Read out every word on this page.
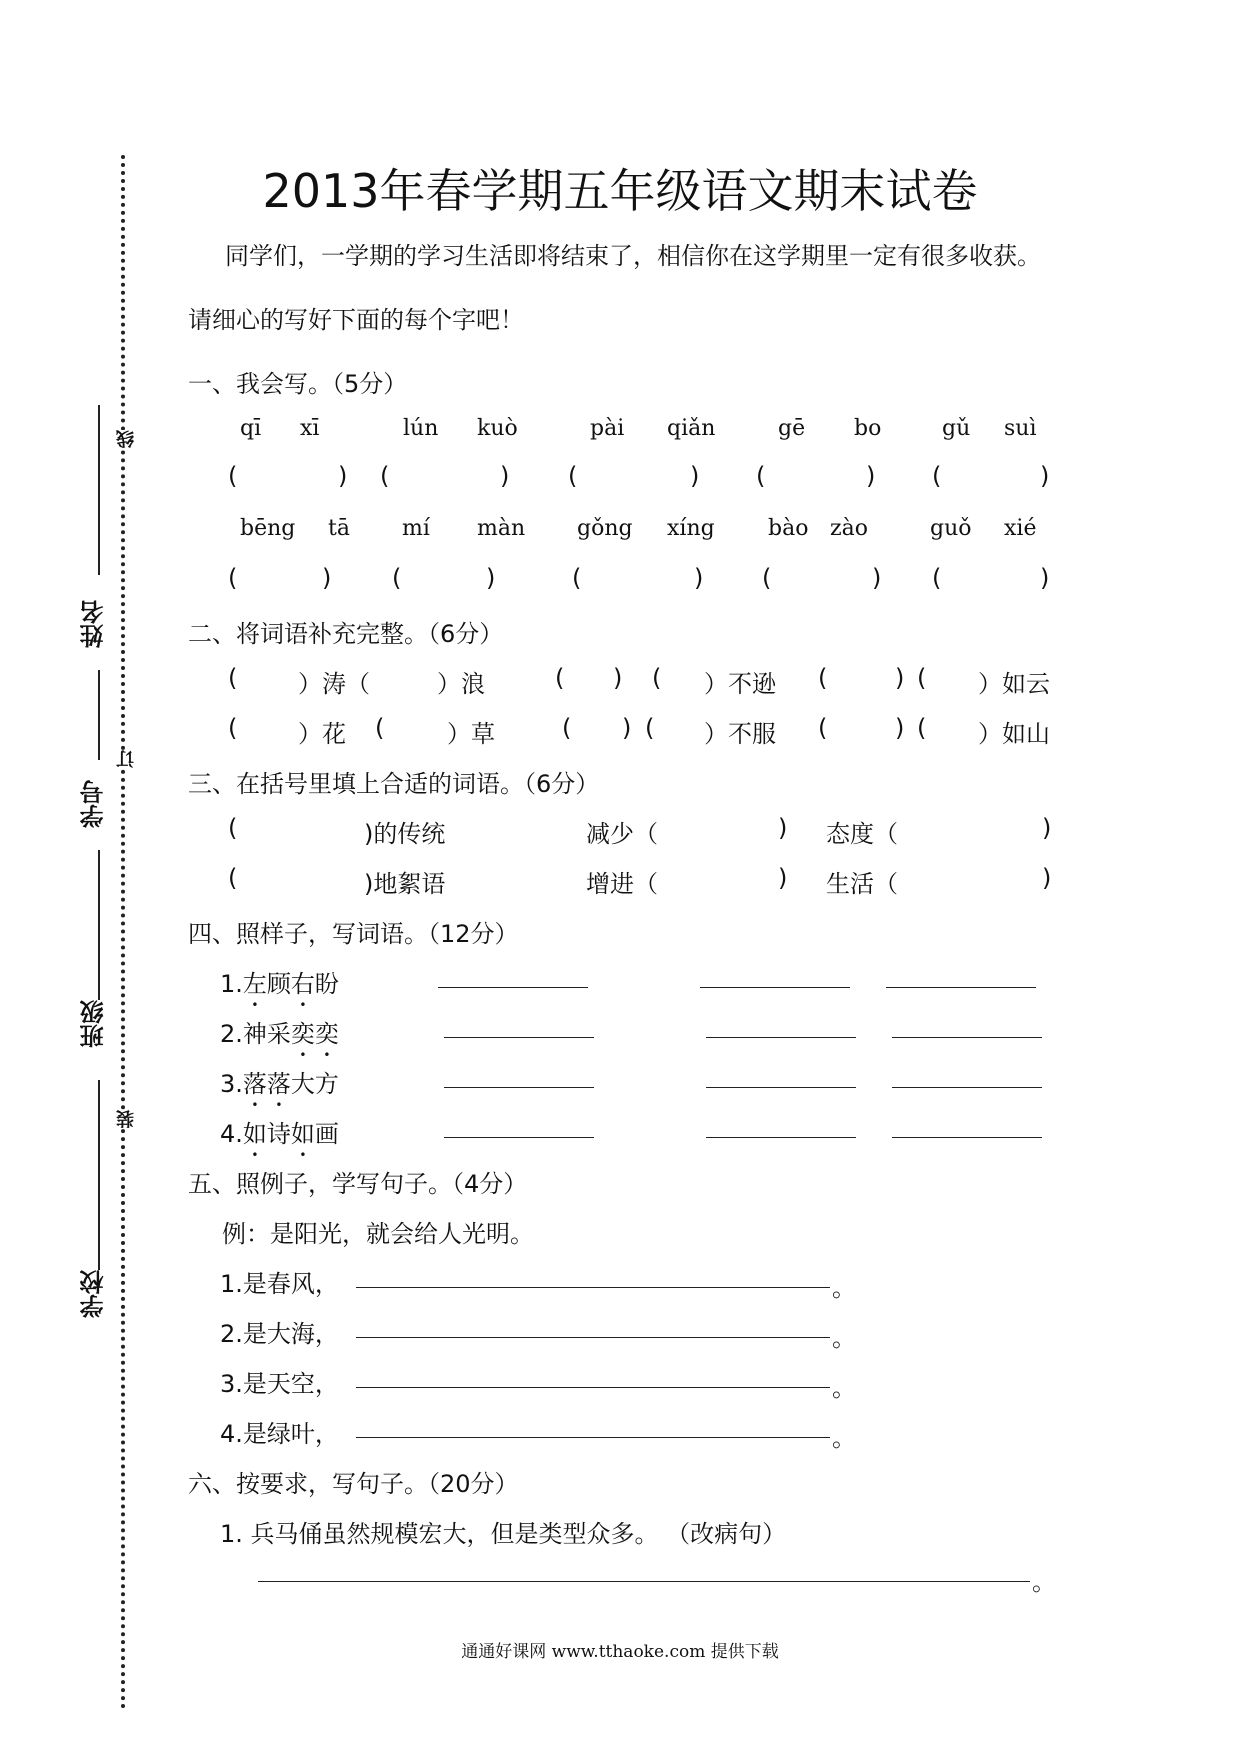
学校
班级
学号
姓名
线
订
装
2013年春学期五年级语文期末试卷
同学们，一学期的学习生活即将结束了，相信你在这学期里一定有很多收获。
请细心的写好下面的每个字吧！
一、我会写。（5分）
qī xī	lún kuò	pài qiǎn	gē bo	gǔ suì
(	) (	) (	) (	) (	)
bēng tā mí màn gǒng xíng bào zào	guǒ xié
(	)	(	)	(	) (	) (	)
二、将词语补充完整。（6分）
(	）涛（	）浪	( ) ( ）不逊 (	) ( ）如云
(	）花 (	）草	( ) ( ）不服 (	) ( ）如山
三、在括号里填上合适的词语。（6分）
(	)的传统	减少（	) 态度（	)
(	)地絮语	增进（	) 生活（	)
四、照样子，写词语。（12分）
1.左顾右盼
2.神采奕奕
3.落落大方
4.如诗如画
五、照例子，学写句子。（4分）
例：是阳光，就会给人光明。
1.是春风，	。
2.是大海，	。
3.是天空，	。
4.是绿叶，	。
六、按要求，写句子。（20分）
1. 兵马俑虽然规模宏大，但是类型众多。 （改病句）
。
通通好课网 www.tthaoke.com 提供下载
